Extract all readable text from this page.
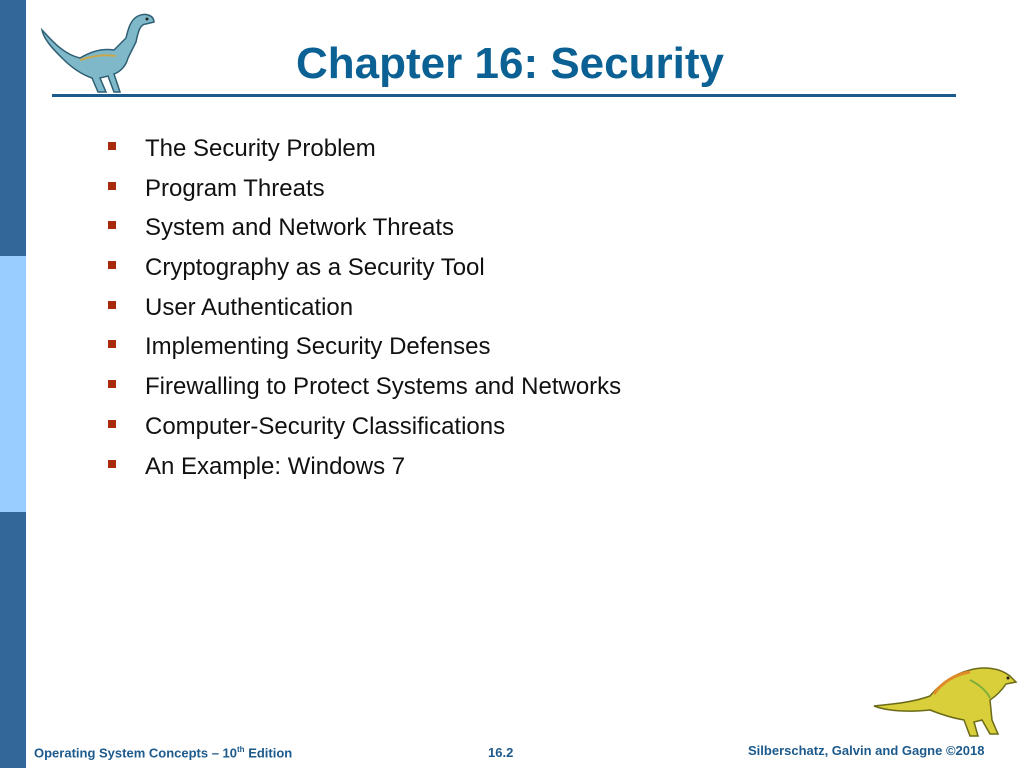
Chapter 16: Security
The Security Problem
Program Threats
System and Network Threats
Cryptography as a Security Tool
User Authentication
Implementing Security Defenses
Firewalling to Protect Systems and Networks
Computer-Security Classifications
An Example: Windows 7
Operating System Concepts – 10th Edition	16.2	Silberschatz, Galvin and Gagne ©2018
